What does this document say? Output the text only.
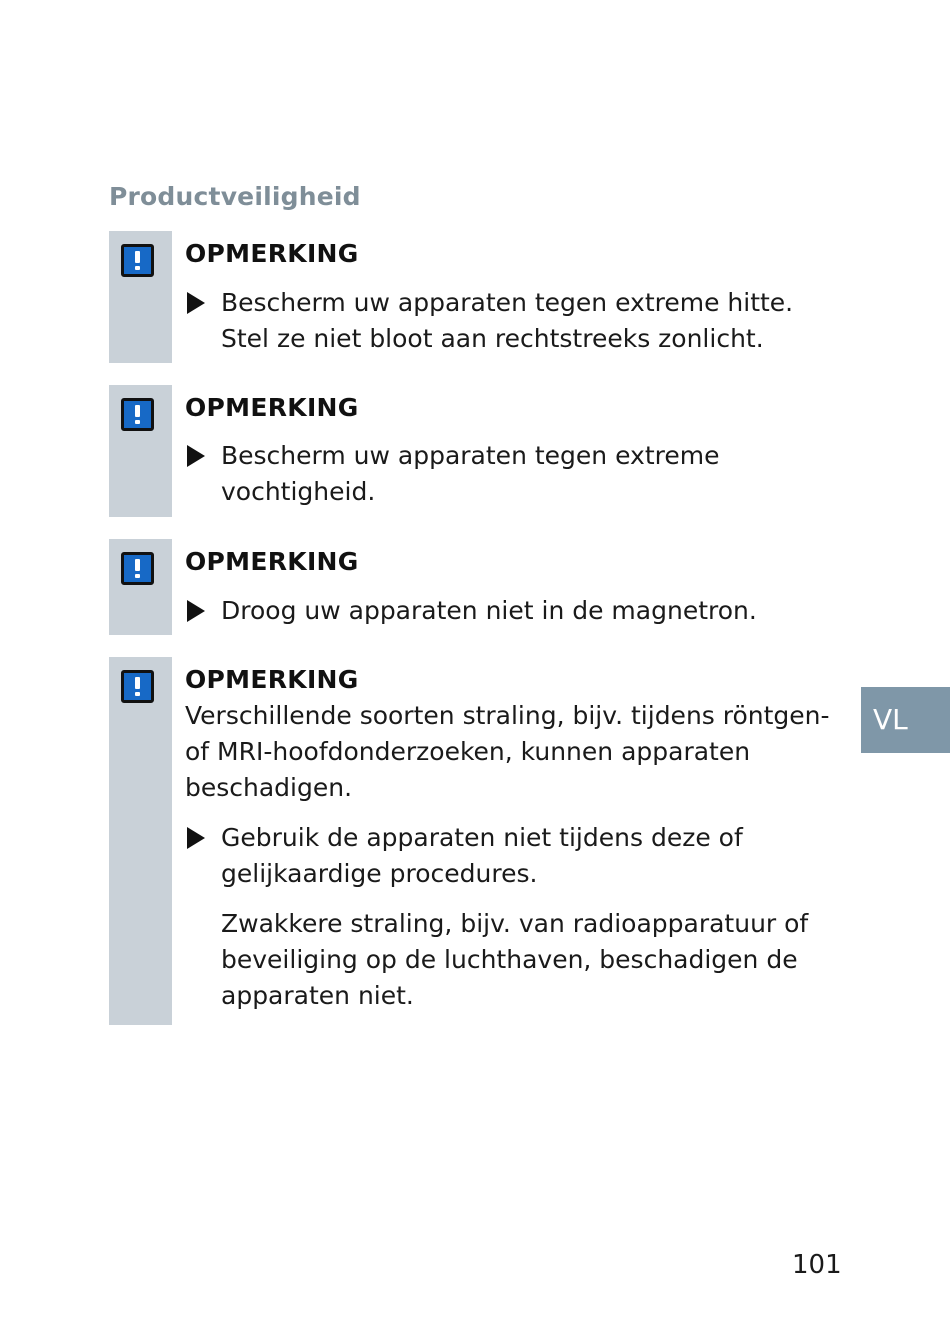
Productveiligheid
OPMERKING
Bescherm uw apparaten tegen extreme hitte.
Stel ze niet bloot aan rechtstreeks zonlicht.
OPMERKING
Bescherm uw apparaten tegen extreme
vochtigheid.
OPMERKING
Droog uw apparaten niet in de magnetron.
OPMERKING
Verschillende soorten straling, bijv. tijdens röntgen-
of MRI-hoofdonderzoeken, kunnen apparaten
beschadigen.
Gebruik de apparaten niet tijdens deze of
gelijkaardige procedures.
Zwakkere straling, bijv. van radioapparatuur of
beveiliging op de luchthaven, beschadigen de
apparaten niet.
VL
101
